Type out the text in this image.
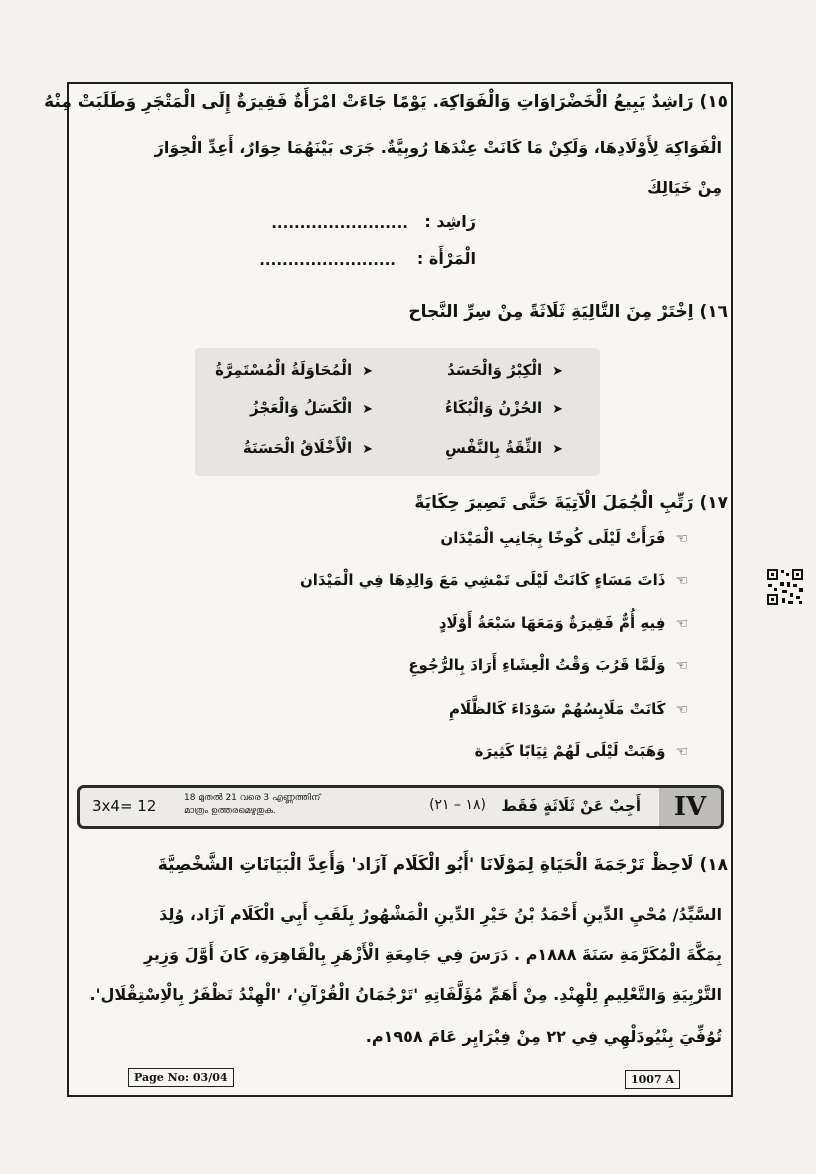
١٥) رَاشِدٌ يَبِيعُ الْخَضْرَاوَاتِ وَالْفَوَاكِهَ. يَوْمًا جَاءَتْ امْرَأَةٌ فَقِيرَةٌ إِلَى الْمَتْجَرِ وَطَلَبَتْ مِنْهُ
الْفَوَاكِهَ لِأَوْلَادِهَا، وَلَكِنْ مَا كَانَتْ عِنْدَهَا رُوبِيَّةٌ. جَرَى بَيْنَهُمَا حِوَارٌ، أَعِدِّ الْحِوَارَ
مِنْ خَيَالِكَ
رَاشِد :
........................
الْمَرْأَة :
........................
١٦) اِخْتَرْ مِنَ التَّالِيَةِ ثَلَاثَةً مِنْ سِرِّ النَّجاح
➤الْكِبْرُ وَالْحَسَدُ
➤الحُزْنُ وَالْبُكَاءُ
➤الثِّقَةُ بِالنَّفْسِ
➤الْمُحَاوَلَةُ الْمُسْتَمِرَّةُ
➤الْكَسَلُ وَالْعَجْزُ
➤الْأَخْلَاقُ الْحَسَنَةُ
١٧) رَتِّبِ الْجُمَلَ الْآتِيَةَ حَتَّى تَصِيرَ حِكَايَةً
☜فَرَأَتْ لَيْلَى كُوخًا بِجَانِبِ الْمَيْدَان
☜ذَاتَ مَسَاءٍ كَانَتْ لَيْلَى تَمْشِي مَعَ وَالِدِهَا فِي الْمَيْدَان
☜فِيهِ أُمٌّ فَقِيرَةٌ وَمَعَهَا سَبْعَةُ أَوْلَادٍ
☜وَلَمَّا قَرُبَ وَقْتُ الْعِشَاءِ أَرَادَ بِالرُّجُوعِ
☜كَانَتْ مَلَابِسُهُمْ سَوْدَاءَ كَالظَّلَامِ
☜وَهَبَتْ لَيْلَى لَهُمْ ثِيَابًا كَثِيرَة
IV
أَجِبْ عَنْ ثَلَاثَةٍ فَقَط
(١٨ – ٢١)
18 മുതൽ 21 വരെ 3 എണ്ണത്തിന്
മാത്രം ഉത്തരമെഴുതുക.
3x4= 12
١٨) لَاحِظْ تَرْجَمَةَ الْحَيَاةِ لِمَوْلَانَا 'أَبُو الْكَلَام آزَاد' وَأَعِدَّ الْبَيَانَاتِ الشَّخْصِيَّةَ
السَّيِّدُ/ مُحْيِ الدِّينِ أَحْمَدُ بْنُ خَيْرِ الدِّينِ الْمَشْهُورُ بِلَقَبِ أَبِي الْكَلَام آزَاد، وُلِدَ
بِمَكَّةَ الْمُكَرَّمَةِ سَنَةَ ١٨٨٨م . دَرَسَ فِي جَامِعَةِ الْأَزْهَرِ بِالْقَاهِرَةِ، كَانَ أَوَّلَ وَزِيرِ
التَّرْبِيَةِ وَالتَّعْلِيمِ لِلْهِنْدِ. مِنْ أَهَمِّ مُؤَلَّفَاتِهِ 'تَرْجُمَانُ الْقُرْآنِ'، 'الْهِنْدُ تَظْفَرُ بِالْاِسْتِقْلَال'.
تُوُفِّيَ بِنْيُودَلْهِي فِي ٢٢ مِنْ فِبْرَايِر عَامَ ١٩٥٨م.
Page No: 03/04	1007 A
